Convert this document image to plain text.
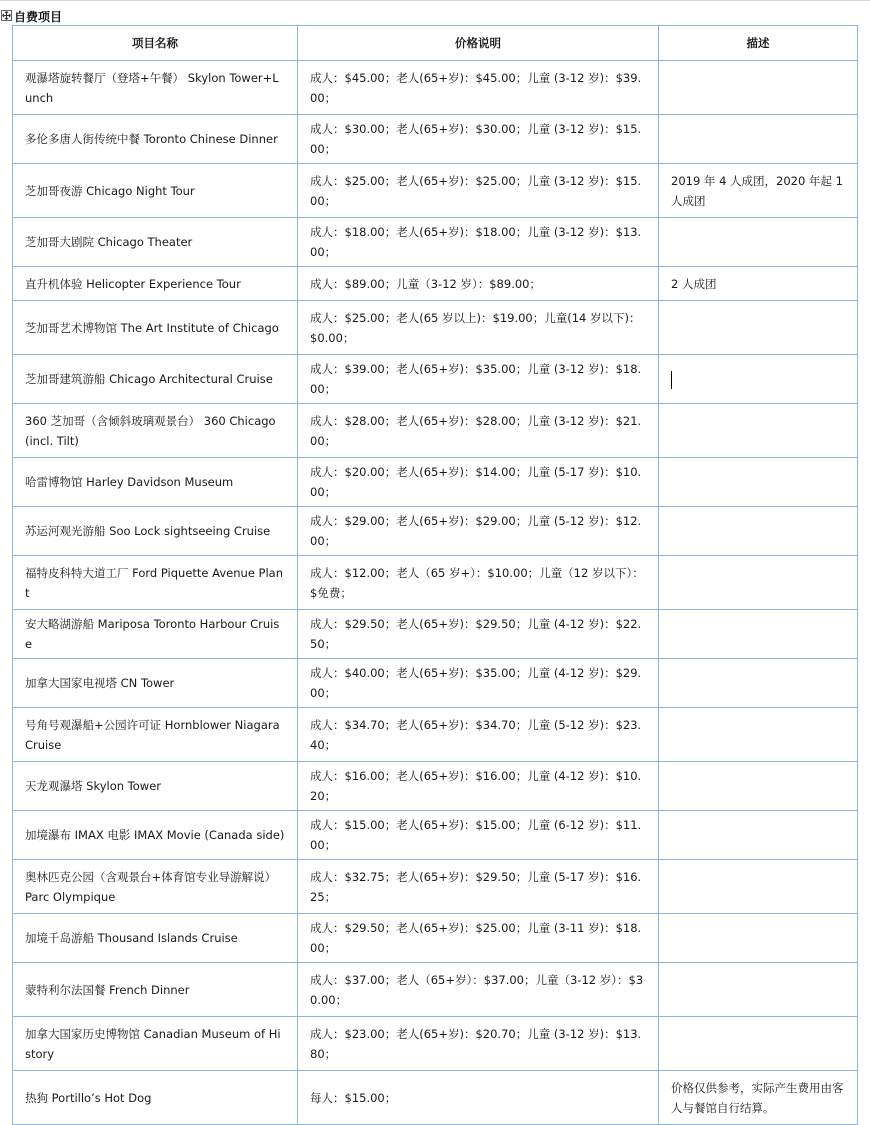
自费项目
项目名称	价格说明	描述
观瀑塔旋转餐厅（登塔+午餐） Skylon Tower+Lunch	成人：$45.00；老人(65+岁)：$45.00；儿童 (3-12 岁)：$39.00；	
多伦多唐人街传统中餐 Toronto Chinese Dinner	成人：$30.00；老人(65+岁)：$30.00；儿童 (3-12 岁)：$15.00；	
芝加哥夜游 Chicago Night Tour	成人：$25.00；老人(65+岁)：$25.00；儿童 (3-12 岁)：$15.00；	2019 年 4 人成团，2020 年起 1 人成团
芝加哥大剧院 Chicago Theater	成人：$18.00；老人(65+岁)：$18.00；儿童 (3-12 岁)：$13.00；	
直升机体验 Helicopter Experience Tour	成人：$89.00；儿童（3-12 岁）：$89.00；	2 人成团
芝加哥艺术博物馆 The Art Institute of Chicago	成人：$25.00；老人(65 岁以上)：$19.00；儿童(14 岁以下)：$0.00；	
芝加哥建筑游船 Chicago Architectural Cruise	成人：$39.00；老人(65+岁)：$35.00；儿童 (3-12 岁)：$18.00；	
360 芝加哥（含倾斜玻璃观景台） 360 Chicago (incl. Tilt)	成人：$28.00；老人(65+岁)：$28.00；儿童 (3-12 岁)：$21.00；	
哈雷博物馆 Harley Davidson Museum	成人：$20.00；老人(65+岁)：$14.00；儿童 (5-17 岁)：$10.00；	
苏运河观光游船 Soo Lock sightseeing Cruise	成人：$29.00；老人(65+岁)：$29.00；儿童 (5-12 岁)：$12.00；	
福特皮科特大道工厂 Ford Piquette Avenue Plant	成人：$12.00；老人（65 岁+）：$10.00；儿童（12 岁以下）：$免费；	
安大略湖游船 Mariposa Toronto Harbour Cruise	成人：$29.50；老人(65+岁)：$29.50；儿童 (4-12 岁)：$22.50；	
加拿大国家电视塔 CN Tower	成人：$40.00；老人(65+岁)：$35.00；儿童 (4-12 岁)：$29.00；	
号角号观瀑船+公园许可证 Hornblower Niagara Cruise	成人：$34.70；老人(65+岁)：$34.70；儿童 (5-12 岁)：$23.40；	
天龙观瀑塔 Skylon Tower	成人：$16.00；老人(65+岁)：$16.00；儿童 (4-12 岁)：$10.20；	
加境瀑布 IMAX 电影 IMAX Movie (Canada side)	成人：$15.00；老人(65+岁)：$15.00；儿童 (6-12 岁)：$11.00；	
奥林匹克公园（含观景台+体育馆专业导游解说） Parc Olympique	成人：$32.75；老人(65+岁)：$29.50；儿童 (5-17 岁)：$16.25；	
加境千岛游船 Thousand Islands Cruise	成人：$29.50；老人(65+岁)：$25.00；儿童 (3-11 岁)：$18.00；	
蒙特利尔法国餐 French Dinner	成人：$37.00；老人（65+岁）：$37.00；儿童（3-12 岁）：$30.00；	
加拿大国家历史博物馆 Canadian Museum of History	成人：$23.00；老人(65+岁)：$20.70；儿童 (3-12 岁)：$13.80；	
热狗 Portillo’s Hot Dog	每人：$15.00；	价格仅供参考，实际产生费用由客人与餐馆自行结算。
